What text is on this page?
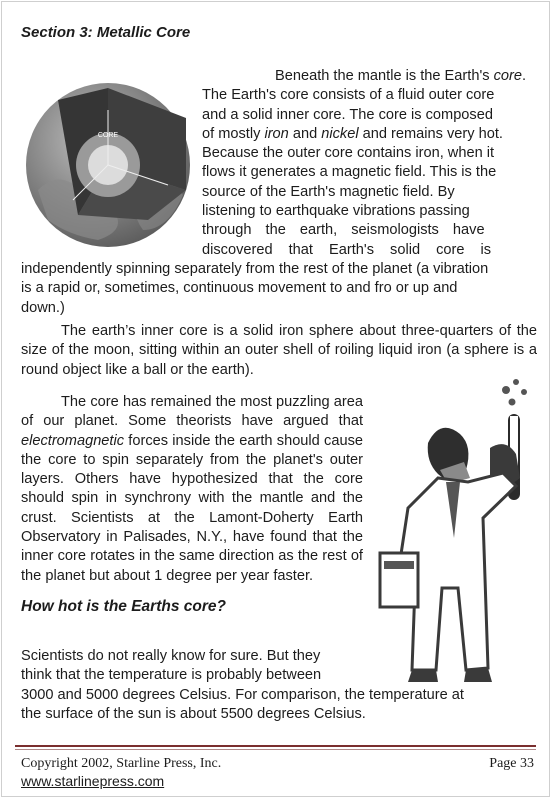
Section 3: Metallic Core
CORE
Beneath the mantle is the Earth's core.
The Earth's core consists of a fluid outer core
and a solid inner core. The core is composed
of mostly iron and nickel and remains very hot.
Because the outer core contains iron, when it
flows it generates a magnetic field. This is the
source of the Earth's magnetic field. By
listening to earthquake vibrations passing
through the earth, seismologists have
discovered that Earth's solid core is
independently spinning separately from the rest of the planet (a vibration
is a rapid or, sometimes, continuous movement to and fro or up and
down.)

The earth’s inner core is a solid iron sphere about three-quarters of the size of the moon, sitting within an outer shell of roiling liquid iron (a sphere is a round object like a ball or the earth).

The core has remained the most puzzling area of our planet. Some theorists have argued that electromagnetic forces inside the earth should cause the core to spin separately from the planet's outer layers. Others have hypothesized that the core should spin in synchrony with the mantle and the crust. Scientists at the Lamont-Doherty Earth Observatory in Palisades, N.Y., have found that the inner core rotates in the same direction as the rest of the planet but about 1 degree per year faster.

How hot is the Earths core?
Scientists do not really know for sure. But they
think that the temperature is probably between
3000 and 5000 degrees Celsius. For comparison, the temperature at
the surface of the sun is about 5500 degrees Celsius.
Copyright 2002, Starline Press, Inc.	Page 33
www.starlinepress.com
